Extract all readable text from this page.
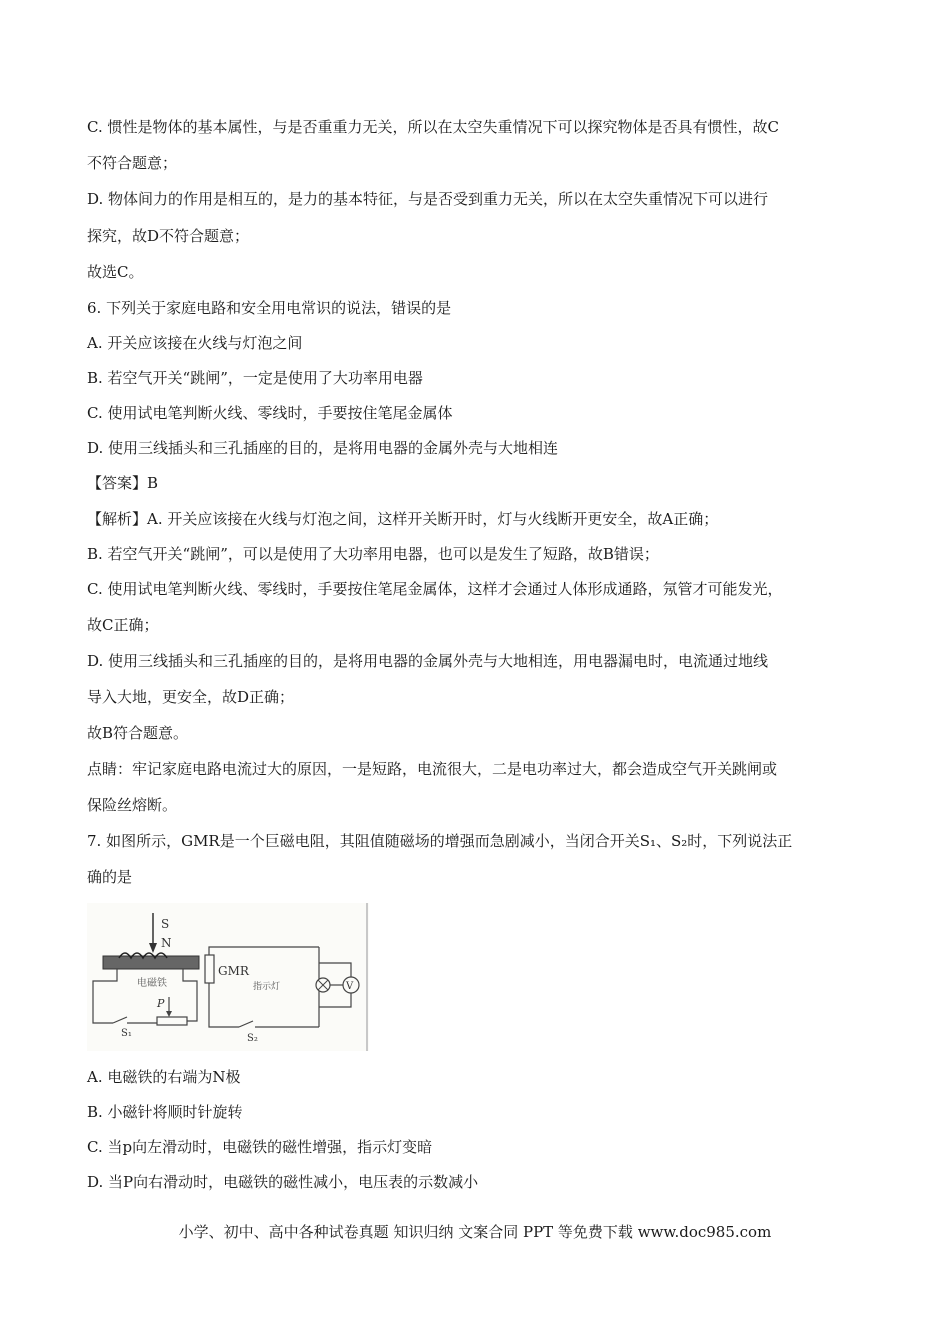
C. 惯性是物体的基本属性，与是否重重力无关，所以在太空失重情况下可以探究物体是否具有惯性，故C
不符合题意；
D. 物体间力的作用是相互的，是力的基本特征，与是否受到重力无关，所以在太空失重情况下可以进行
探究，故D不符合题意；
故选C。
6. 下列关于家庭电路和安全用电常识的说法，错误的是
A. 开关应该接在火线与灯泡之间
B. 若空气开关“跳闸”，一定是使用了大功率用电器
C. 使用试电笔判断火线、零线时，手要按住笔尾金属体
D. 使用三线插头和三孔插座的目的，是将用电器的金属外壳与大地相连
【答案】B
【解析】A. 开关应该接在火线与灯泡之间，这样开关断开时，灯与火线断开更安全，故A正确；
B. 若空气开关“跳闸”，可以是使用了大功率用电器，也可以是发生了短路，故B错误；
C. 使用试电笔判断火线、零线时，手要按住笔尾金属体，这样才会通过人体形成通路，氖管才可能发光，
故C正确；
D. 使用三线插头和三孔插座的目的，是将用电器的金属外壳与大地相连，用电器漏电时，电流通过地线
导入大地，更安全，故D正确；
故B符合题意。
点睛：牢记家庭电路电流过大的原因，一是短路，电流很大，二是电功率过大，都会造成空气开关跳闸或
保险丝熔断。
7. 如图所示，GMR是一个巨磁电阻，其阻值随磁场的增强而急剧减小，当闭合开关S₁、S₂时，下列说法正
确的是
S
N
电磁铁
S₁
P
GMR
S₂
指示灯	V
A. 电磁铁的右端为N极
B. 小磁针将顺时针旋转
C. 当p向左滑动时，电磁铁的磁性增强，指示灯变暗
D. 当P向右滑动时，电磁铁的磁性减小，电压表的示数减小
小学、初中、高中各种试卷真题 知识归纳 文案合同 PPT 等免费下载 www.doc985.com
